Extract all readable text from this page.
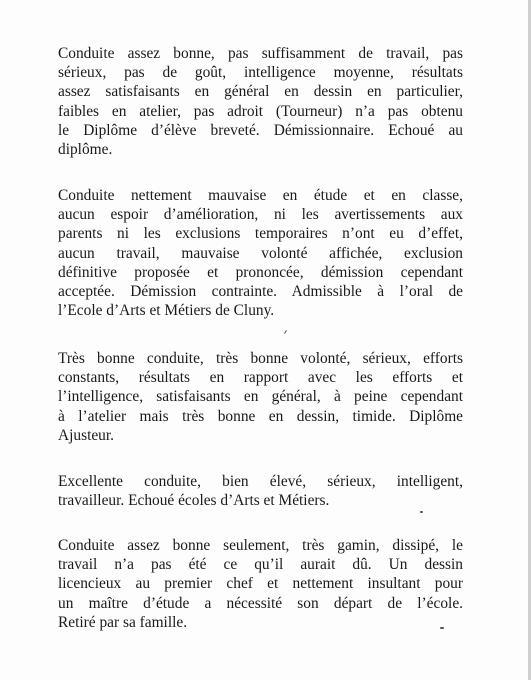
Conduite assez bonne, pas suffisamment de travail, pas
sérieux, pas de goût, intelligence moyenne, résultats
assez satisfaisants en général en dessin en particulier,
faibles en atelier, pas adroit (Tourneur) n’a pas obtenu
le Diplôme d’élève breveté. Démissionnaire. Echoué au
diplôme.
Conduite nettement mauvaise en étude et en classe,
aucun espoir d’amélioration, ni les avertissements aux
parents ni les exclusions temporaires n’ont eu d’effet,
aucun travail, mauvaise volonté affichée, exclusion
définitive proposée et prononcée, démission cependant
acceptée. Démission contrainte. Admissible à l’oral de
l’Ecole d’Arts et Métiers de Cluny.
Très bonne conduite, très bonne volonté, sérieux, efforts
constants, résultats en rapport avec les efforts et
l’intelligence, satisfaisants en général, à peine cependant
à l’atelier mais très bonne en dessin, timide. Diplôme
Ajusteur.
Excellente conduite, bien élevé, sérieux, intelligent,
travailleur. Echoué écoles d’Arts et Métiers.
Conduite assez bonne seulement, très gamin, dissipé, le
travail n’a pas été ce qu’il aurait dû. Un dessin
licencieux au premier chef et nettement insultant pour
un maître d’étude a nécessité son départ de l’école.
Retiré par sa famille.
